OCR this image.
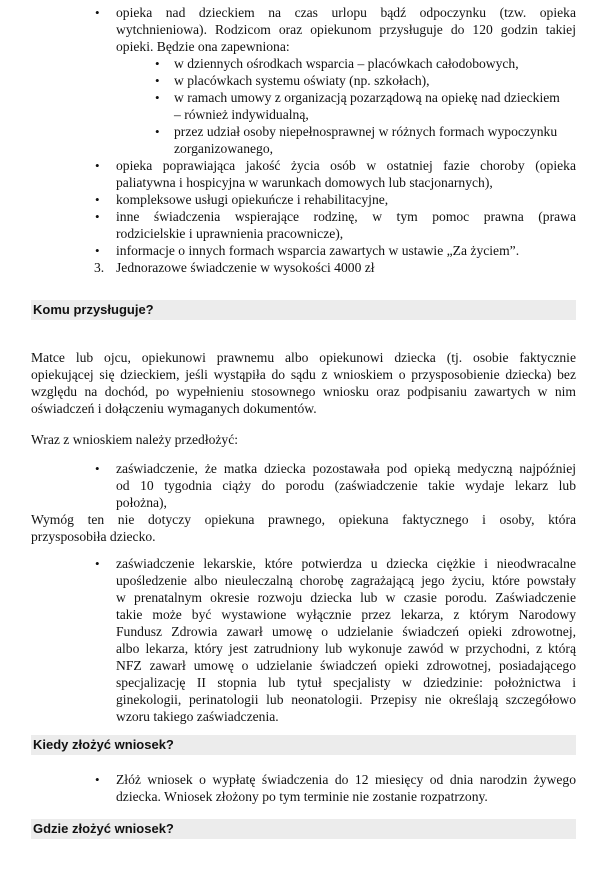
•	opieka nad dzieckiem na czas urlopu bądź odpoczynku (tzw. opieka
wytchnieniowa). Rodzicom oraz opiekunom przysługuje do 120 godzin takiej
opieki. Będzie ona zapewniona:
•	w dziennych ośrodkach wsparcia – placówkach całodobowych,
•	w placówkach systemu oświaty (np. szkołach),
•	w ramach umowy z organizacją pozarządową na opiekę nad dzieckiem
– również indywidualną,
•	przez udział osoby niepełnosprawnej w różnych formach wypoczynku
zorganizowanego,
•	opieka poprawiająca jakość życia osób w ostatniej fazie choroby (opieka
paliatywna i hospicyjna w warunkach domowych lub stacjonarnych),
•	kompleksowe usługi opiekuńcze i rehabilitacyjne,
•	inne świadczenia wspierające rodzinę, w tym pomoc prawna (prawa
rodzicielskie i uprawnienia pracownicze),
•	informacje o innych formach wsparcia zawartych w ustawie „Za życiem”.
3. Jednorazowe świadczenie w wysokości 4000 zł
Komu przysługuje?
Matce lub ojcu, opiekunowi prawnemu albo opiekunowi dziecka (tj. osobie faktycznie
opiekującej się dzieckiem, jeśli wystąpiła do sądu z wnioskiem o przysposobienie dziecka) bez
względu na dochód, po wypełnieniu stosownego wniosku oraz podpisaniu zawartych w nim
oświadczeń i dołączeniu wymaganych dokumentów.
Wraz z wnioskiem należy przedłożyć:
•	zaświadczenie, że matka dziecka pozostawała pod opieką medyczną najpóźniej
od 10 tygodnia ciąży do porodu (zaświadczenie takie wydaje lekarz lub
położna),
Wymóg ten nie dotyczy opiekuna prawnego, opiekuna faktycznego i osoby, która
przysposobiła dziecko.
•	zaświadczenie lekarskie, które potwierdza u dziecka ciężkie i nieodwracalne
upośledzenie albo nieuleczalną chorobę zagrażającą jego życiu, które powstały
w prenatalnym okresie rozwoju dziecka lub w czasie porodu. Zaświadczenie
takie może być wystawione wyłącznie przez lekarza, z którym Narodowy
Fundusz Zdrowia zawarł umowę o udzielanie świadczeń opieki zdrowotnej,
albo lekarza, który jest zatrudniony lub wykonuje zawód w przychodni, z którą
NFZ zawarł umowę o udzielanie świadczeń opieki zdrowotnej, posiadającego
specjalizację II stopnia lub tytuł specjalisty w dziedzinie: położnictwa i
ginekologii, perinatologii lub neonatologii. Przepisy nie określają szczegółowo
wzoru takiego zaświadczenia.
Kiedy złożyć wniosek?
•	Złóż wniosek o wypłatę świadczenia do 12 miesięcy od dnia narodzin żywego
dziecka. Wniosek złożony po tym terminie nie zostanie rozpatrzony.
Gdzie złożyć wniosek?
